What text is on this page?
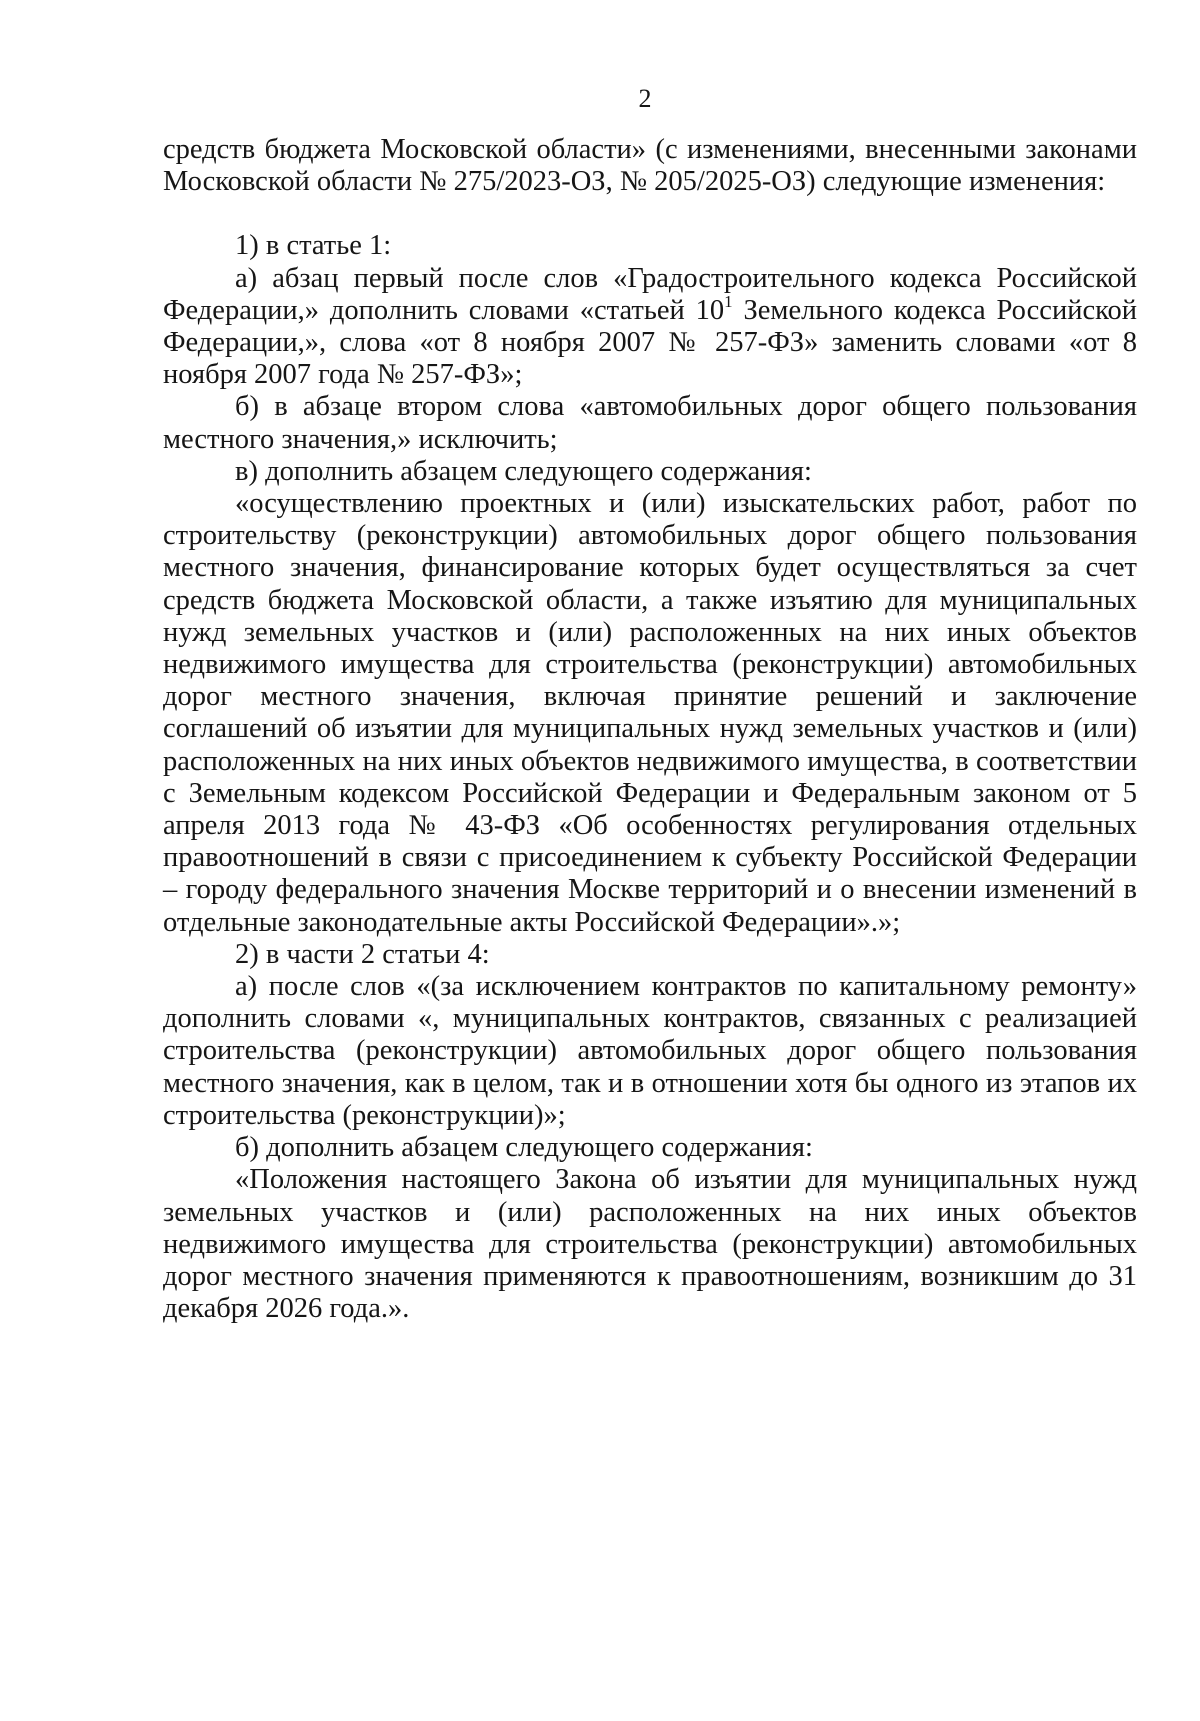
2

средств бюджета Московской области» (с изменениями, внесенными законами Московской области № 275/2023-ОЗ, № 205/2025-ОЗ) следующие изменения:

1) в статье 1:

а) абзац первый после слов «Градостроительного кодекса Российской Федерации,» дополнить словами «статьей $10^1$ Земельного кодекса Российской Федерации,», слова «от 8 ноября 2007 № 257-ФЗ» заменить словами «от 8 ноября 2007 года № 257-ФЗ»;

б) в абзаце втором слова «автомобильных дорог общего пользования местного значения,» исключить;

в) дополнить абзацем следующего содержания:

«осуществлению проектных и (или) изыскательских работ, работ по строительству (реконструкции) автомобильных дорог общего пользования местного значения, финансирование которых будет осуществляться за счет средств бюджета Московской области, а также изъятию для муниципальных нужд земельных участков и (или) расположенных на них иных объектов недвижимого имущества для строительства (реконструкции) автомобильных дорог местного значения, включая принятие решений и заключение соглашений об изъятии для муниципальных нужд земельных участков и (или) расположенных на них иных объектов недвижимого имущества, в соответствии с Земельным кодексом Российской Федерации и Федеральным законом от 5 апреля 2013 года № 43-ФЗ «Об особенностях регулирования отдельных правоотношений в связи с присоединением к субъекту Российской Федерации – городу федерального значения Москве территорий и о внесении изменений в отдельные законодательные акты Российской Федерации».»;

2) в части 2 статьи 4:

а) после слов «(за исключением контрактов по капитальному ремонту» дополнить словами «, муниципальных контрактов, связанных с реализацией строительства (реконструкции) автомобильных дорог общего пользования местного значения, как в целом, так и в отношении хотя бы одного из этапов их строительства (реконструкции)»;

б) дополнить абзацем следующего содержания:

«Положения настоящего Закона об изъятии для муниципальных нужд земельных участков и (или) расположенных на них иных объектов недвижимого имущества для строительства (реконструкции) автомобильных дорог местного значения применяются к правоотношениям, возникшим до 31 декабря 2026 года.».
